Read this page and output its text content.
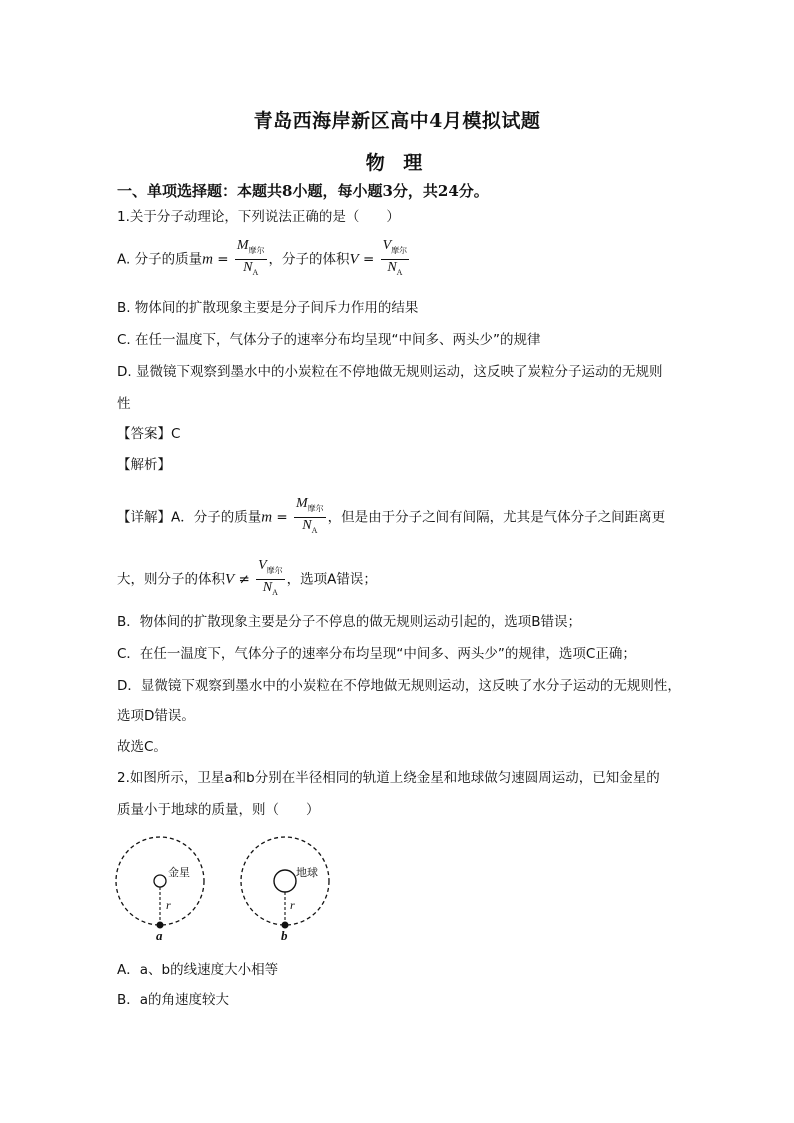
青岛西海岸新区高中4月模拟试题
物 理
一、单项选择题：本题共8小题，每小题3分，共24分。
1.关于分子动理论，下列说法正确的是（　　）
A. 分子的质量$m = \frac{M_{摩尔}}{N_A}$ ，分子的体积$V = \frac{V_{摩尔}}{N_A}$
B. 物体间的扩散现象主要是分子间斥力作用的结果
C. 在任一温度下，气体分子的速率分布均呈现“中间多、两头少”的规律
D. 显微镜下观察到墨水中的小炭粒在不停地做无规则运动，这反映了炭粒分子运动的无规则
性
【答案】C
【解析】
【详解】A．分子的质量$m = \frac{M_{摩尔}}{N_A}$ ，但是由于分子之间有间隔，尤其是气体分子之间距离更
大，则分子的体积$V \ne \frac{V_{摩尔}}{N_A}$ ，选项A错误；
B．物体间的扩散现象主要是分子不停息的做无规则运动引起的，选项B错误；
C．在任一温度下，气体分子的速率分布均呈现“中间多、两头少”的规律，选项C正确；
D．显微镜下观察到墨水中的小炭粒在不停地做无规则运动，这反映了水分子运动的无规则性，
选项D错误。
故选C。
2.如图所示，卫星a和b分别在半径相同的轨道上绕金星和地球做匀速圆周运动，已知金星的
质量小于地球的质量，则（　　）
金星	地球
r	r
a	b
A．a、b的线速度大小相等
B．a的角速度较大
